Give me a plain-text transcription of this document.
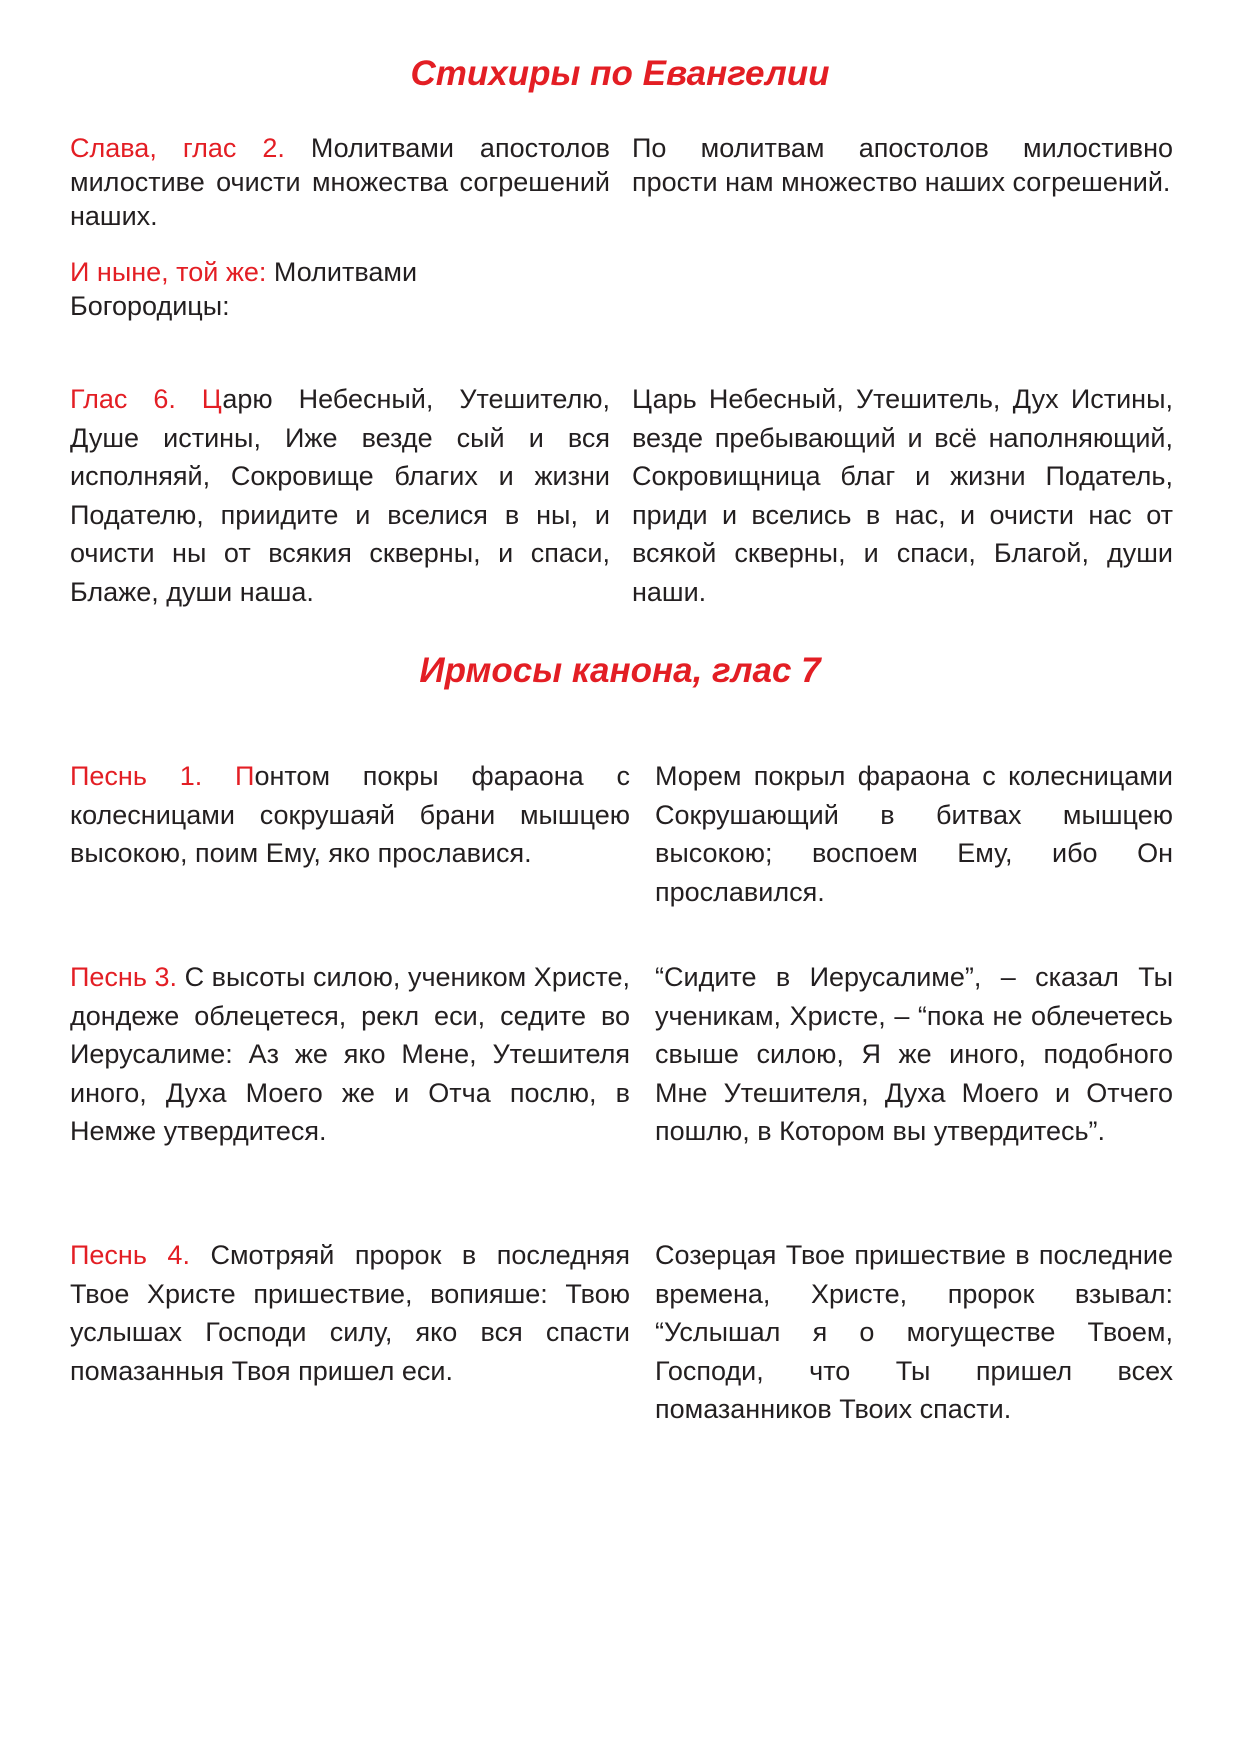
Стихиры по Евангелии

Слава, глас 2. Молитвами апостолов милостиве очисти множества согрешений наших.

По молитвам апостолов милостивно прости нам множество наших согрешений.

И ныне, той же: Молитвами Богородицы:

Глас 6. Царю Небесный, Утешителю, Душе истины, Иже везде сый и вся исполняяй, Сокровище благих и жизни Подателю, приидите и вселися в ны, и очисти ны от всякия скверны, и спаси, Блаже, души наша.

Царь Небесный, Утешитель, Дух Истины, везде пребывающий и всё наполняющий, Сокровищница благ и жизни Податель, приди и вселись в нас, и очисти нас от всякой скверны, и спаси, Благой, души наши.

Ирмосы канона, глас 7

Песнь 1. Понтом покры фараона с колесницами сокрушаяй брани мышцею высокою, поим Ему, яко прославися.

Морем покрыл фараона с колесницами Сокрушающий в битвах мышцею высокою; воспоем Ему, ибо Он прославился.

Песнь 3. С высоты силою, учеником Христе, дондеже облецетеся, рекл еси, седите во Иерусалиме: Аз же яко Мене, Утешителя иного, Духа Моего же и Отча послю, в Немже утвердитеся.

“Сидите в Иерусалиме”, – сказал Ты ученикам, Христе, – “пока не облечетесь свыше силою, Я же иного, подобного Мне Утешителя, Духа Моего и Отчего пошлю, в Котором вы утвердитесь”.

Песнь 4. Смотряяй пророк в последняя Твое Христе пришествие, вопияше: Твою услышах Господи силу, яко вся спасти помазанныя Твоя пришел еси.

Созерцая Твое пришествие в последние времена, Христе, пророк взывал: “Услышал я о могуществе Твоем, Господи, что Ты пришел всех помазанников Твоих спасти.
